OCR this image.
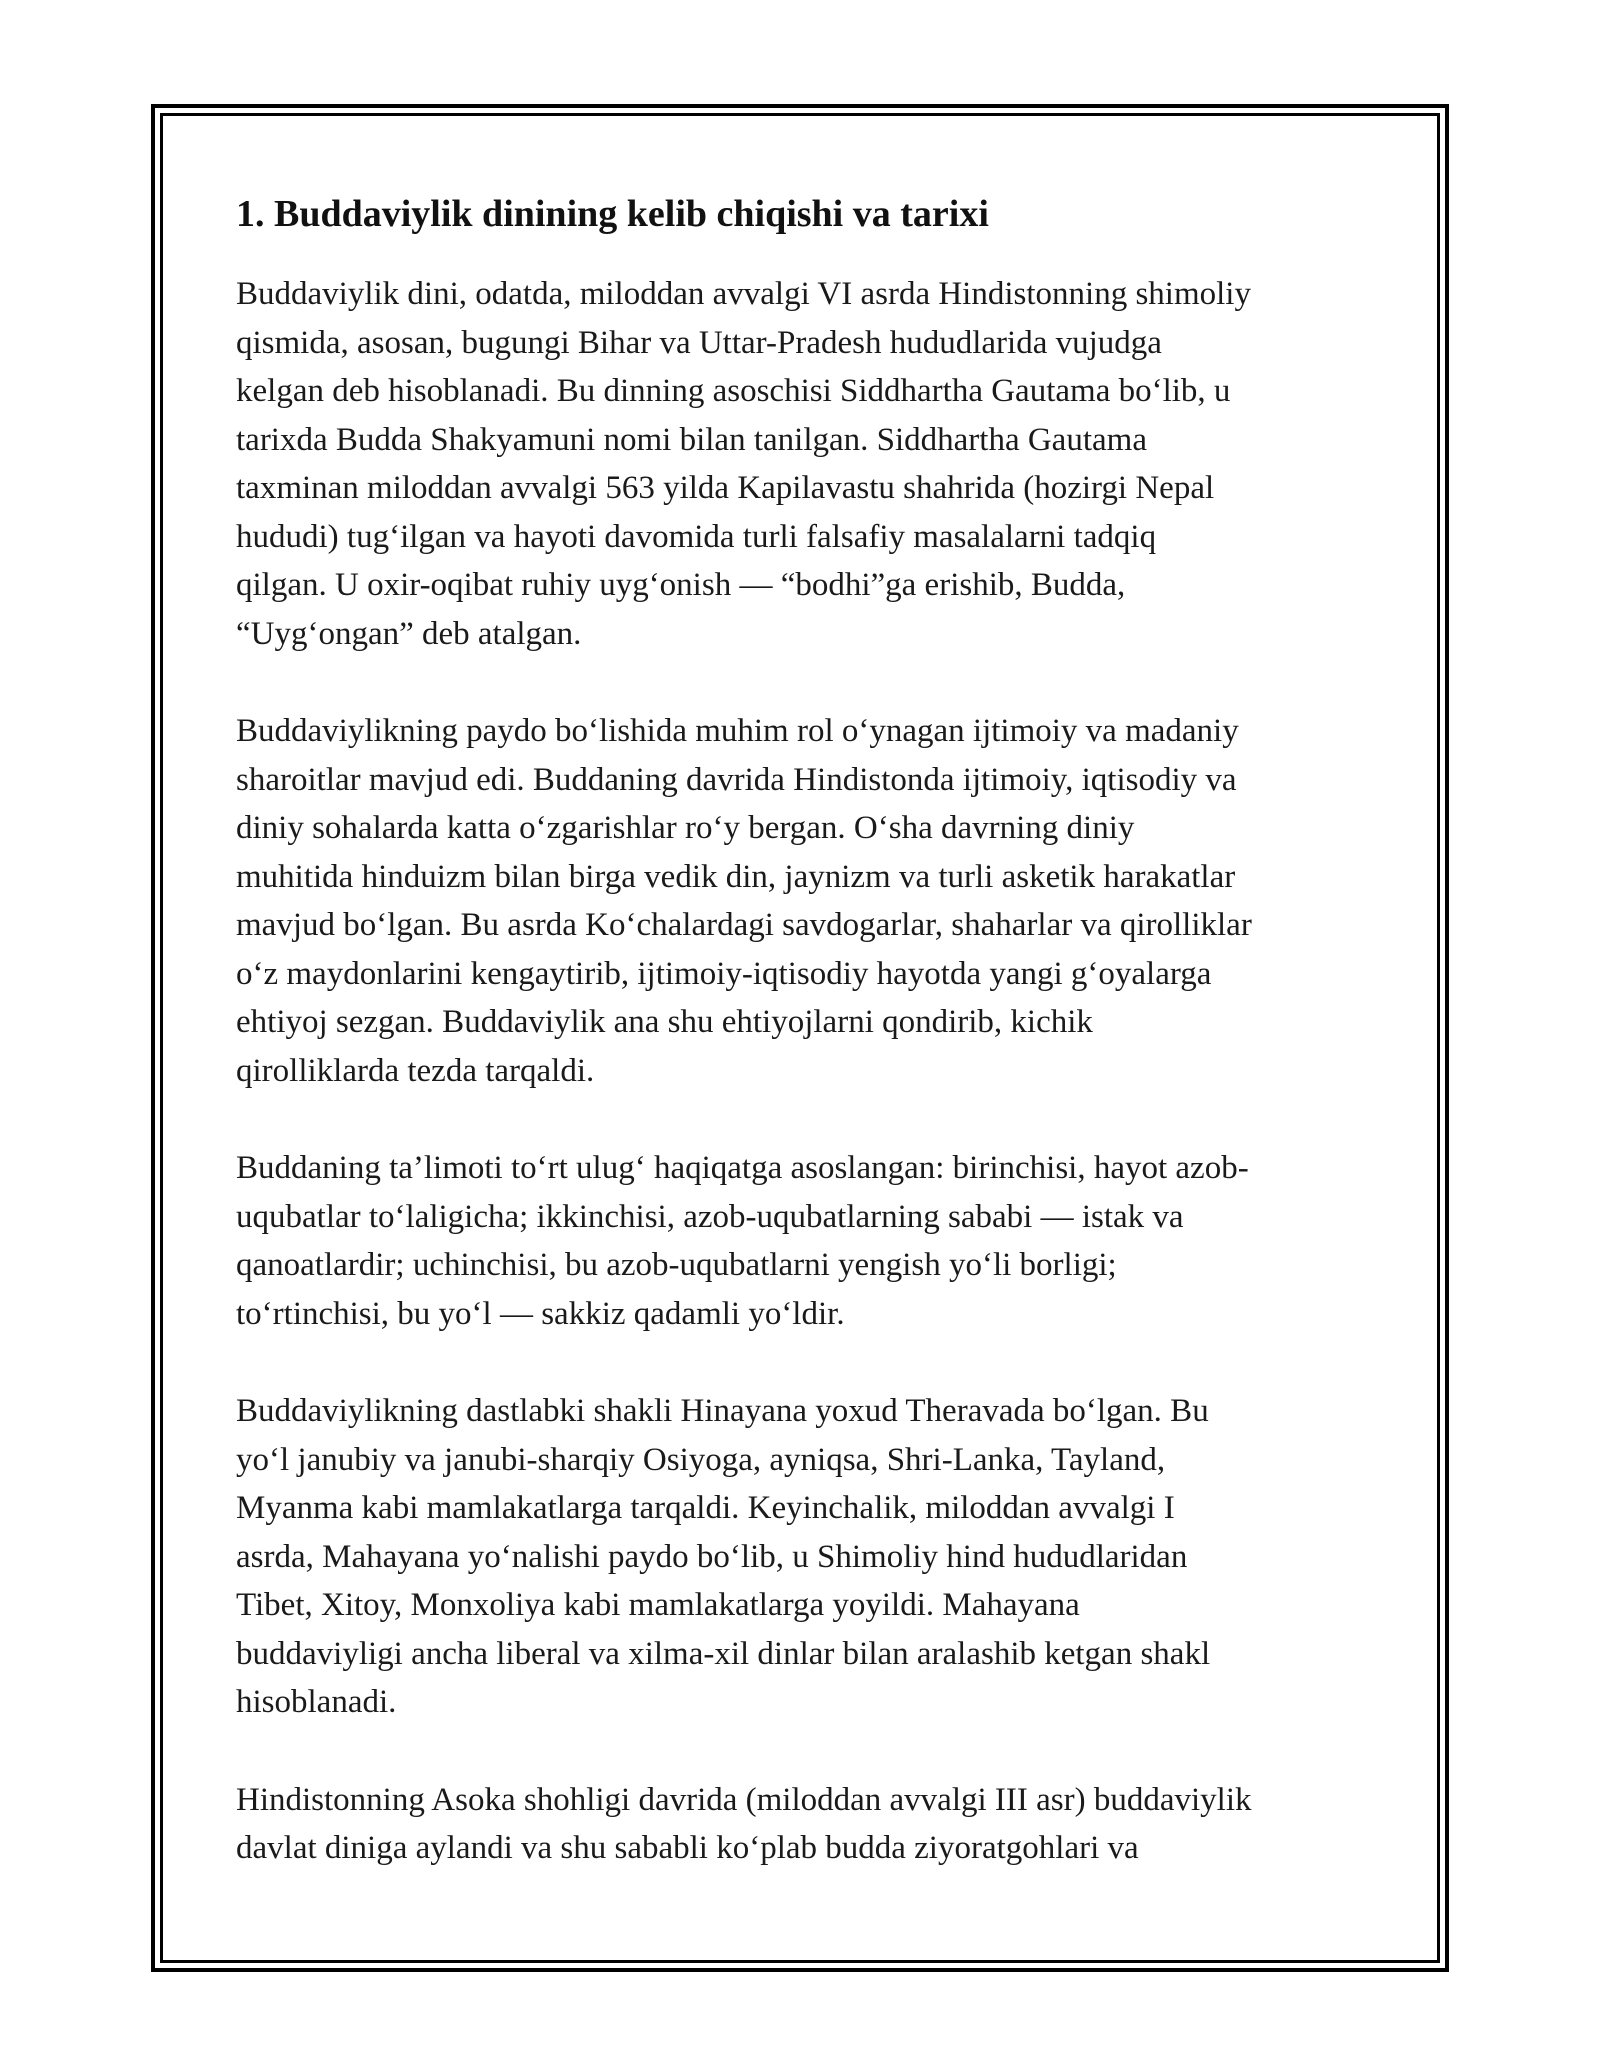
1. Buddaviylik dinining kelib chiqishi va tarixi

Buddaviylik dini, odatda, miloddan avvalgi VI asrda Hindistonning shimoliy
qismida, asosan, bugungi Bihar va Uttar-Pradesh hududlarida vujudga
kelgan deb hisoblanadi. Bu dinning asoschisi Siddhartha Gautama bo‘lib, u
tarixda Budda Shakyamuni nomi bilan tanilgan. Siddhartha Gautama
taxminan miloddan avvalgi 563 yilda Kapilavastu shahrida (hozirgi Nepal
hududi) tug‘ilgan va hayoti davomida turli falsafiy masalalarni tadqiq
qilgan. U oxir-oqibat ruhiy uyg‘onish — “bodhi”ga erishib, Budda,
“Uyg‘ongan” deb atalgan.

Buddaviylikning paydo bo‘lishida muhim rol o‘ynagan ijtimoiy va madaniy
sharoitlar mavjud edi. Buddaning davrida Hindistonda ijtimoiy, iqtisodiy va
diniy sohalarda katta o‘zgarishlar ro‘y bergan. O‘sha davrning diniy
muhitida hinduizm bilan birga vedik din, jaynizm va turli asketik harakatlar
mavjud bo‘lgan. Bu asrda Ko‘chalardagi savdogarlar, shaharlar va qirolliklar
o‘z maydonlarini kengaytirib, ijtimoiy-iqtisodiy hayotda yangi g‘oyalarga
ehtiyoj sezgan. Buddaviylik ana shu ehtiyojlarni qondirib, kichik
qirolliklarda tezda tarqaldi.

Buddaning ta’limoti to‘rt ulug‘ haqiqatga asoslangan: birinchisi, hayot azob-
uqubatlar to‘laligicha; ikkinchisi, azob-uqubatlarning sababi — istak va
qanoatlardir; uchinchisi, bu azob-uqubatlarni yengish yo‘li borligi;
to‘rtinchisi, bu yo‘l — sakkiz qadamli yo‘ldir.

Buddaviylikning dastlabki shakli Hinayana yoxud Theravada bo‘lgan. Bu
yo‘l janubiy va janubi-sharqiy Osiyoga, ayniqsa, Shri-Lanka, Tayland,
Myanma kabi mamlakatlarga tarqaldi. Keyinchalik, miloddan avvalgi I
asrda, Mahayana yo‘nalishi paydo bo‘lib, u Shimoliy hind hududlaridan
Tibet, Xitoy, Monxoliya kabi mamlakatlarga yoyildi. Mahayana
buddaviyligi ancha liberal va xilma-xil dinlar bilan aralashib ketgan shakl
hisoblanadi.

Hindistonning Asoka shohligi davrida (miloddan avvalgi III asr) buddaviylik
davlat diniga aylandi va shu sababli ko‘plab budda ziyoratgohlari va
